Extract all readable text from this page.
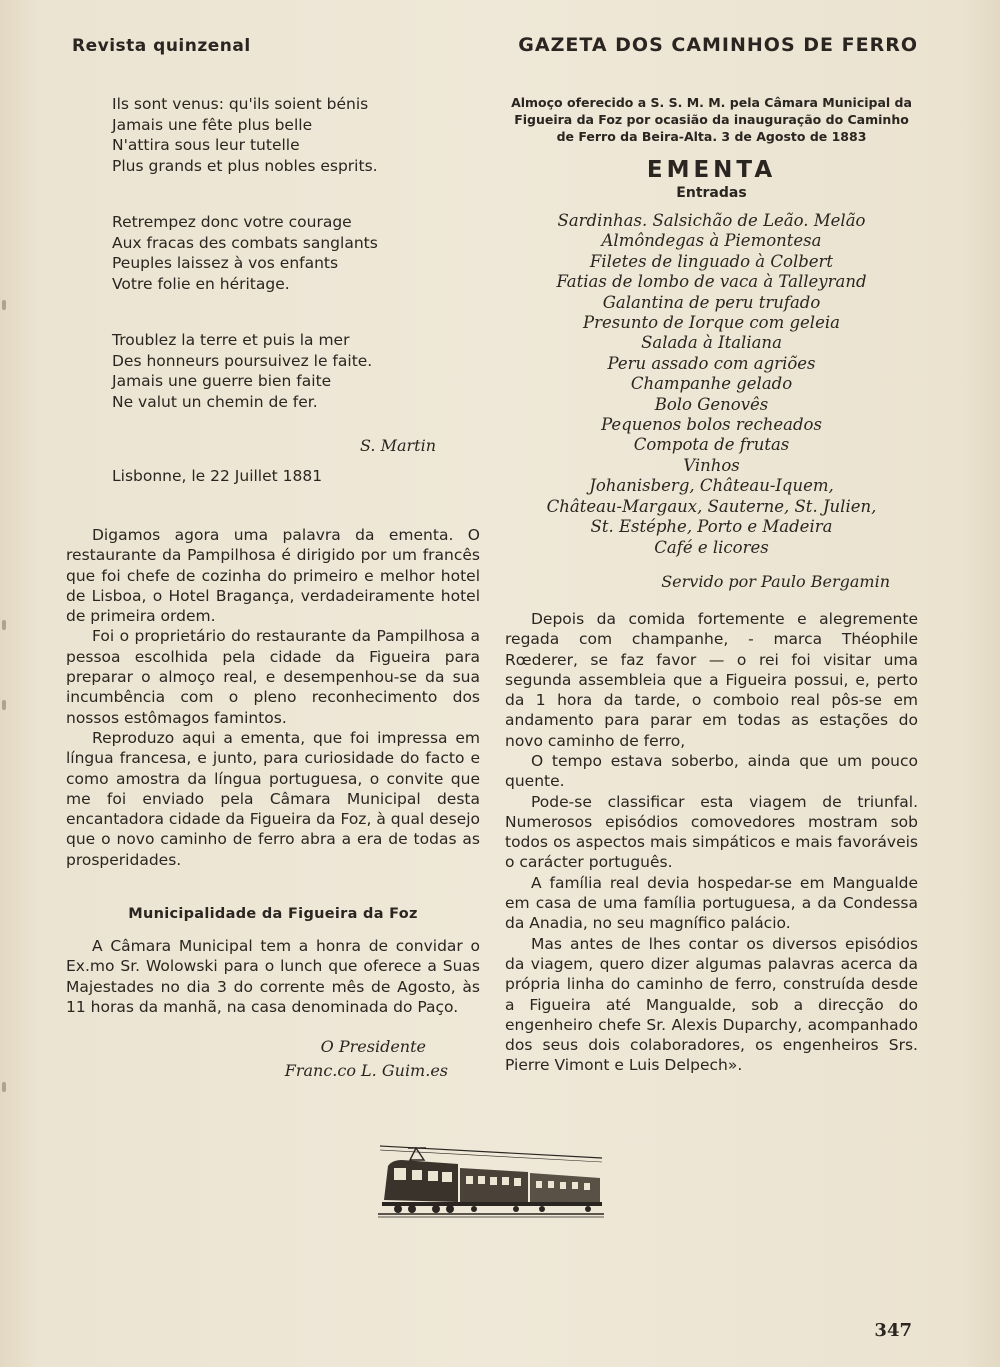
Revista quinzenal	GAZETA DOS CAMINHOS DE FERRO
Ils sont venus: qu'ils soient bénis
Jamais une fête plus belle
N'attira sous leur tutelle
Plus grands et plus nobles esprits.
Retrempez donc votre courage
Aux fracas des combats sanglants
Peuples laissez à vos enfants
Votre folie en héritage.
Troublez la terre et puis la mer
Des honneurs poursuivez le faite.
Jamais une guerre bien faite
Ne valut un chemin de fer.
S. Martin
Lisbonne, le 22 Juillet 1881

Digamos agora uma palavra da ementa. O restaurante da Pampilhosa é dirigido por um francês que foi chefe de cozinha do primeiro e melhor hotel de Lisboa, o Hotel Bragança, verdadeiramente hotel de primeira ordem.

Foi o proprietário do restaurante da Pampilhosa a pessoa escolhida pela cidade da Figueira para preparar o almoço real, e desempenhou-se da sua incumbência com o pleno reconhecimento dos nossos estômagos famintos.

Reproduzo aqui a ementa, que foi impressa em língua francesa, e junto, para curiosidade do facto e como amostra da língua portuguesa, o convite que me foi enviado pela Câmara Municipal desta encantadora cidade da Figueira da Foz, à qual desejo que o novo caminho de ferro abra a era de todas as prosperidades.

Municipalidade da Figueira da Foz

A Câmara Municipal tem a honra de convidar o Ex.mo Sr. Wolowski para o lunch que oferece a Suas Majestades no dia 3 do corrente mês de Agosto, às 11 horas da manhã, na casa denominada do Paço.

O Presidente
Franc.co L. Guim.es
Almoço oferecido a S. S. M. M. pela Câmara Municipal da Figueira da Foz por ocasião da inauguração do Caminho de Ferro da Beira-Alta. 3 de Agosto de 1883
EMENTA
Entradas
Sardinhas. Salsichão de Leão. Melão
Almôndegas à Piemontesa
Filetes de linguado à Colbert
Fatias de lombo de vaca à Talleyrand
Galantina de peru trufado
Presunto de Iorque com geleia
Salada à Italiana
Peru assado com agriões
Champanhe gelado
Bolo Genovês
Pequenos bolos recheados
Compota de frutas
Vinhos
Johanisberg, Château-Iquem,
Château-Margaux, Sauterne, St. Julien,
St. Estéphe, Porto e Madeira
Café e licores
Servido por Paulo Bergamin

Depois da comida fortemente e alegremente regada com champanhe, - marca Théophile Rœderer, se faz favor — o rei foi visitar uma segunda assembleia que a Figueira possui, e, perto da 1 hora da tarde, o comboio real pôs-se em andamento para parar em todas as estações do novo caminho de ferro,

O tempo estava soberbo, ainda que um pouco quente.

Pode-se classificar esta viagem de triunfal. Numerosos episódios comovedores mostram sob todos os aspectos mais simpáticos e mais favoráveis o carácter português.

A família real devia hospedar-se em Mangualde em casa de uma família portuguesa, a da Condessa da Anadia, no seu magnífico palácio.

Mas antes de lhes contar os diversos episódios da viagem, quero dizer algumas palavras acerca da própria linha do caminho de ferro, construída desde a Figueira até Mangualde, sob a direcção do engenheiro chefe Sr. Alexis Duparchy, acompanhado dos seus dois colaboradores, os engenheiros Srs. Pierre Vimont e Luis Delpech».

347
